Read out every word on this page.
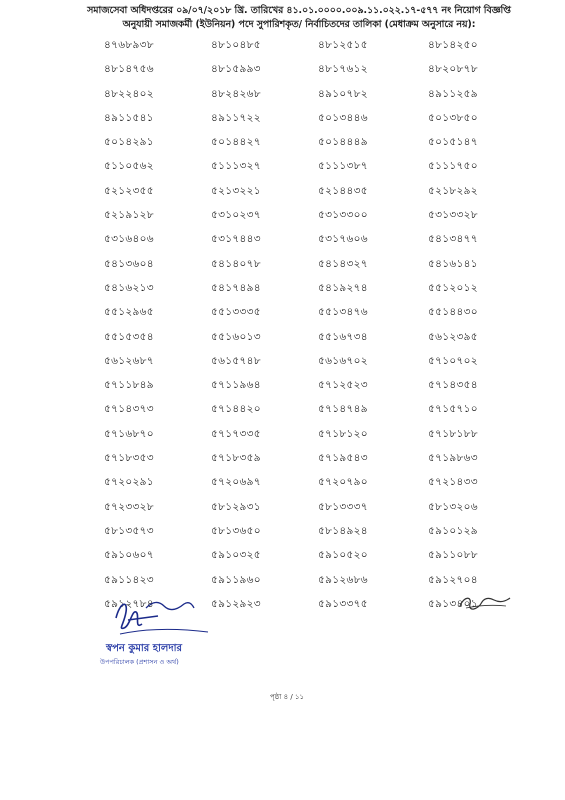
সমাজসেবা অধিদপ্তরের ০৯/০৭/২০১৮ খ্রি. তারিখের ৪১.০১.০০০০.০০৯.১১.০২২.১৭-৫৭৭ নং নিয়োগ বিজ্ঞপ্তি
অনুযায়ী সমাজকর্মী (ইউনিয়ন) পদে সুপারিশকৃত/ নির্বাচিতদের তালিকা (মেধাক্রম অনুসারে নয়):
৪৭৬৮৯৩৮	৪৮১০৪৮৫	৪৮১২৫১৫	৪৮১৪২৫০
৪৮১৪৭৫৬	৪৮১৫৯৯৩	৪৮১৭৬১২	৪৮২০৮৭৮
৪৮২২৪০২	৪৮২৪২৬৮	৪৯১০৭৮২	৪৯১১২৫৯
৪৯১১৫৪১	৪৯১১৭২২	৫০১৩৪৪৬	৫০১৩৮৫০
৫০১৪২৯১	৫০১৪৪২৭	৫০১৪৪৪৯	৫০১৫১৪৭
৫১১০৫৬২	৫১১১৩২৭	৫১১১৩৮৭	৫১১১৭৫০
৫২১২৩৫৫	৫২১৩২২১	৫২১৪৪৩৫	৫২১৮২৯২
৫২১৯১২৮	৫৩১০২৩৭	৫৩১৩৩০০	৫৩১৩৩২৮
৫৩১৬৪০৬	৫৩১৭৪৪৩	৫৩১৭৬০৬	৫৪১৩৪৭৭
৫৪১৩৬০৪	৫৪১৪০৭৮	৫৪১৪৩২৭	৫৪১৬১৪১
৫৪১৬২১৩	৫৪১৭৪৯৪	৫৪১৯২৭৪	৫৫১২০১২
৫৫১২৯৬৫	৫৫১৩৩৩৫	৫৫১৩৪৭৬	৫৫১৪৪৩০
৫৫১৫৩৫৪	৫৫১৬০১৩	৫৫১৬৭৩৪	৫৬১২৩৯৫
৫৬১২৬৮৭	৫৬১৫৭৪৮	৫৬১৬৭০২	৫৭১০৭০২
৫৭১১৮৪৯	৫৭১১৯৬৪	৫৭১২৫২৩	৫৭১৪৩৫৪
৫৭১৪৩৭৩	৫৭১৪৪২০	৫৭১৪৭৪৯	৫৭১৫৭১০
৫৭১৬৮৭০	৫৭১৭৩৩৫	৫৭১৮১২০	৫৭১৮১৮৮
৫৭১৮৩৫৩	৫৭১৮৩৫৯	৫৭১৯৫৪৩	৫৭১৯৮৬৩
৫৭২০২৯১	৫৭২০৬৯৭	৫৭২০৭৯০	৫৭২১৪৩৩
৫৭২৩৩২৮	৫৮১২৯৩১	৫৮১৩৩৩৭	৫৮১৩২০৬
৫৮১৩৫৭৩	৫৮১৩৬৫০	৫৮১৪৯২৪	৫৯১০১২৯
৫৯১০৬০৭	৫৯১০৩২৫	৫৯১০৫২০	৫৯১১০৮৮
৫৯১১৪২৩	৫৯১১৯৬০	৫৯১২৬৮৬	৫৯১২৭০৪
৫৯১২৭৮৪	৫৯১২৯২৩	৫৯১৩৩৭৫	৫৯১৩৪০১
স্বপন কুমার হালদার
উপপরিচালক (প্রশাসন ও অর্থ)
পৃষ্ঠা ৪ / ১১
